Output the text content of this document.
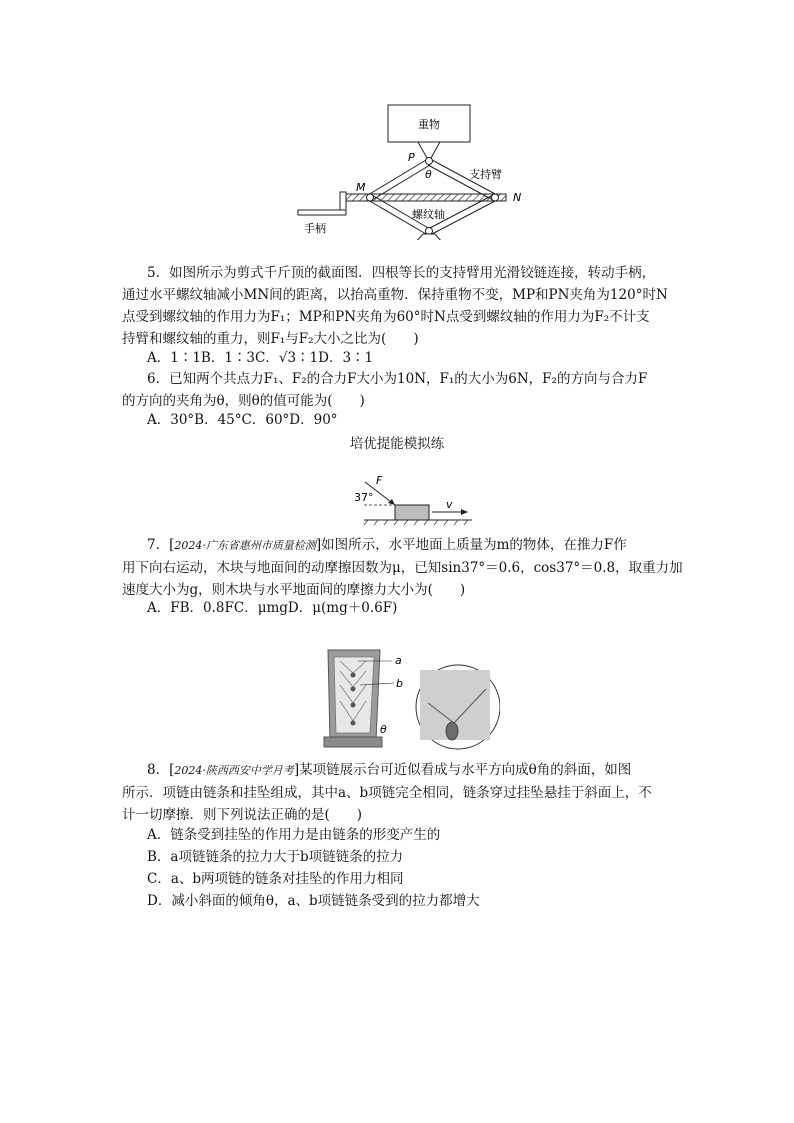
重物
P
θ	支持臂
M
N
螺纹轴
手柄
5．如图所示为剪式千斤顶的截面图．四根等长的支持臂用光滑铰链连接，转动手柄，
通过水平螺纹轴减小MN间的距离，以抬高重物．保持重物不变，MP和PN夹角为120°时N
点受到螺纹轴的作用力为F₁；MP和PN夹角为60°时N点受到螺纹轴的作用力为F₂不计支
持臂和螺纹轴的重力，则F₁与F₂大小之比为(　　)
A．1∶1B．1∶3C．√3∶1D．3∶1
6．已知两个共点力F₁、F₂的合力F大小为10N，F₁的大小为6N，F₂的方向与合力F
的方向的夹角为θ，则θ的值可能为(　　)
A．30°B．45°C．60°D．90°
培优提能模拟练
F
37°
v
7．[2024·广东省惠州市质量检测]如图所示，水平地面上质量为m的物体，在推力F作
用下向右运动，木块与地面间的动摩擦因数为μ，已知sin37°＝0.6，cos37°＝0.8，取重力加
速度大小为g，则木块与水平地面间的摩擦力大小为(　　)
A．FB．0.8FC．μmgD．μ(mg＋0.6F)
a
b
θ
8．[2024·陕西西安中学月考]某项链展示台可近似看成与水平方向成θ角的斜面，如图
所示．项链由链条和挂坠组成，其中a、b项链完全相同，链条穿过挂坠悬挂于斜面上，不
计一切摩擦．则下列说法正确的是(　　)
A．链条受到挂坠的作用力是由链条的形变产生的
B．a项链链条的拉力大于b项链链条的拉力
C．a、b两项链的链条对挂坠的作用力相同
D．减小斜面的倾角θ，a、b项链链条受到的拉力都增大
